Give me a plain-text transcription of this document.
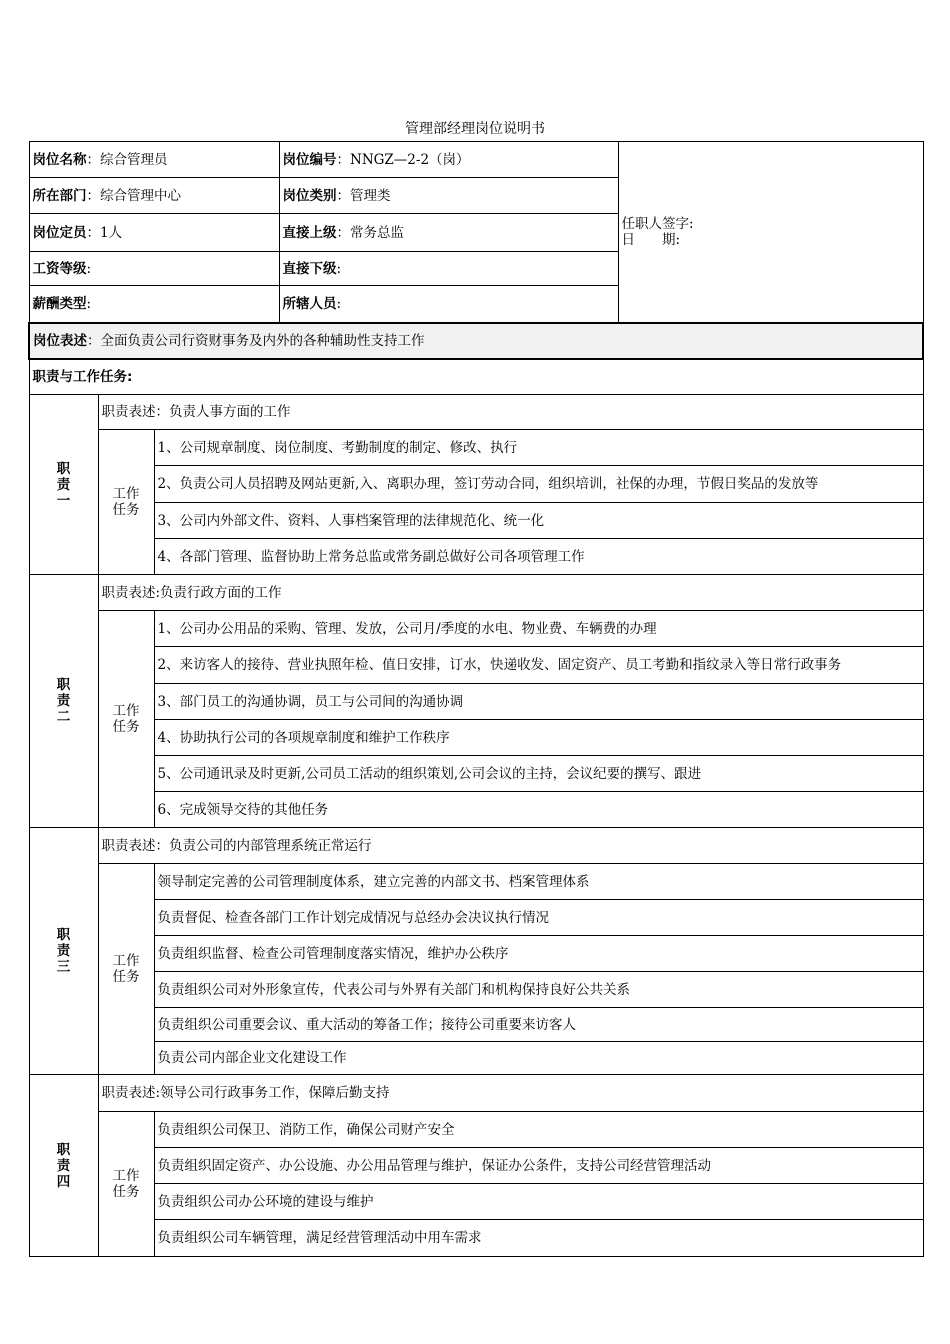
管理部经理岗位说明书
岗位名称：综合管理员			岗位编号：NNGZ—2-2（岗）	任职人签字:
日　　期:

所在部门：综合管理中心			岗位类别：管理类	
岗位定员：1人			直接上级：常务总监	
工资等级:			直接下级:	
薪酬类型:			所辖人员:	
岗位表述：全面负责公司行资财事务及内外的各种辅助性支持工作				
职责与工作任务:				
职责一	职责表述：负责人事方面的工作			

	工作
任务	1、公司规章制度、岗位制度、考勤制度的制定、修改、执行		
		2、负责公司人员招聘及网站更新,入、离职办理，签订劳动合同，组织培训，社保的办理，节假日奖品的发放等		
		3、公司内外部文件、资料、人事档案管理的法律规范化、统一化		
		4、各部门管理、监督协助上常务总监或常务副总做好公司各项管理工作		
职责二	职责表述:负责行政方面的工作			

	工作
任务	1、公司办公用品的采购、管理、发放，公司月/季度的水电、物业费、车辆费的办理		
		2、来访客人的接待、营业执照年检、值日安排，订水，快递收发、固定资产、员工考勤和指纹录入等日常行政事务		
		3、部门员工的沟通协调，员工与公司间的沟通协调		
		4、协助执行公司的各项规章制度和维护工作秩序		
		5、公司通讯录及时更新,公司员工活动的组织策划,公司会议的主持，会议纪要的撰写、跟进		
		6、完成领导交待的其他任务		
职责三	职责表述：负责公司的内部管理系统正常运行			

	工作
任务	领导制定完善的公司管理制度体系，建立完善的内部文书、档案管理体系		
		负责督促、检查各部门工作计划完成情况与总经办会决议执行情况		
		负责组织监督、检查公司管理制度落实情况，维护办公秩序		
		负责组织公司对外形象宣传，代表公司与外界有关部门和机构保持良好公共关系		
		负责组织公司重要会议、重大活动的筹备工作；接待公司重要来访客人		
		负责公司内部企业文化建设工作		
职责四	职责表述:领导公司行政事务工作，保障后勤支持			

	工作
任务	负责组织公司保卫、消防工作，确保公司财产安全		
		负责组织固定资产、办公设施、办公用品管理与维护，保证办公条件，支持公司经营管理活动		
		负责组织公司办公环境的建设与维护		
		负责组织公司车辆管理，满足经营管理活动中用车需求		
